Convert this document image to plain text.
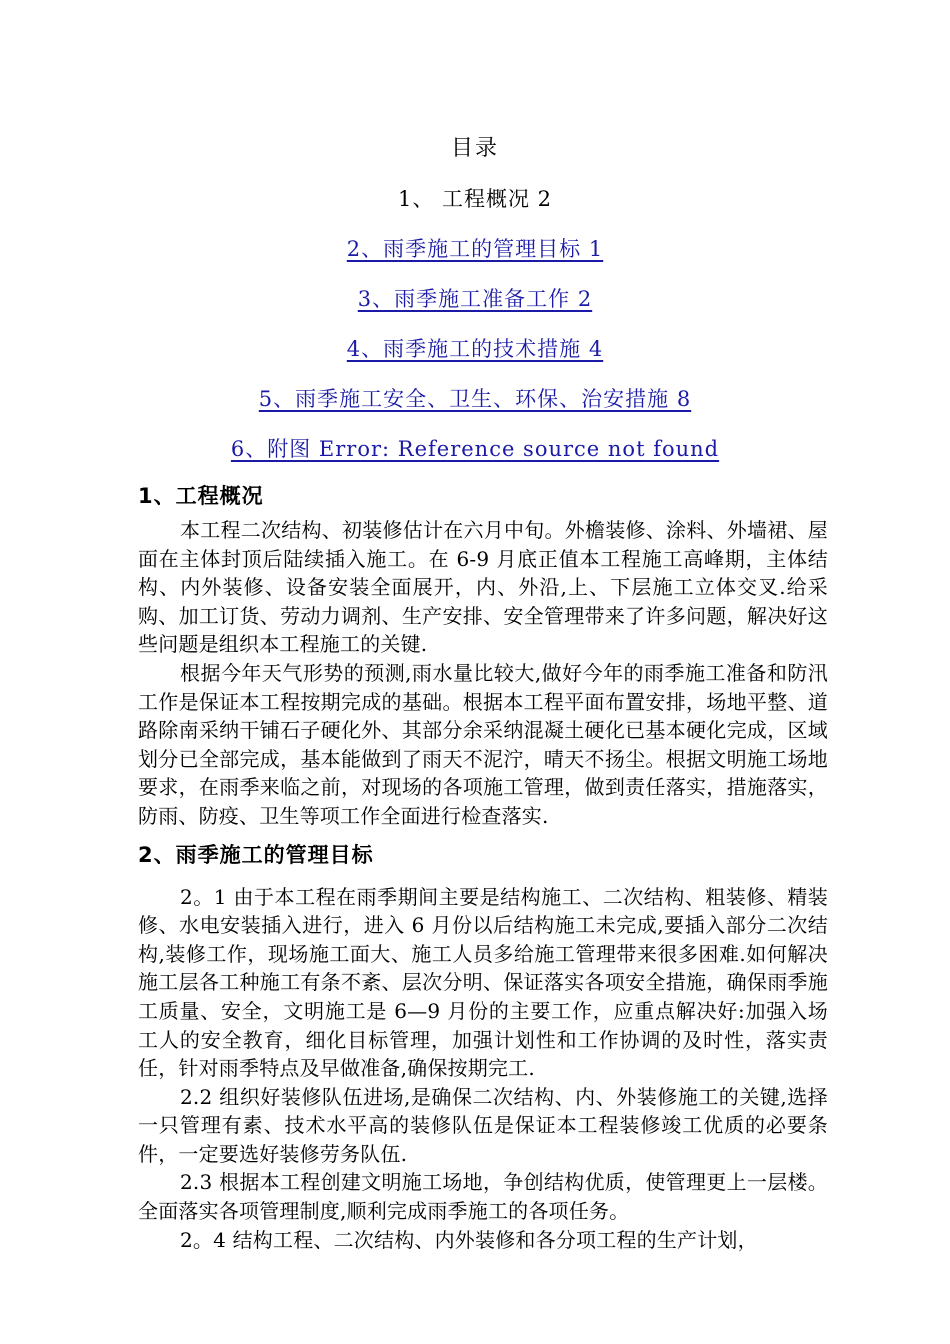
目录
1、 工程概况 2
2、雨季施工的管理目标 1
3、雨季施工准备工作 2
4、雨季施工的技术措施 4
5、雨季施工安全、卫生、环保、治安措施 8
6、附图 Error: Reference source not found
1、工程概况

本工程二次结构、初装修估计在六月中旬。外檐装修、涂料、外墙裙、屋面在主体封顶后陆续插入施工。在 6-9 月底正值本工程施工高峰期，主体结构、内外装修、设备安装全面展开，内、外沿,上、下层施工立体交叉.给采购、加工订货、劳动力调剂、生产安排、安全管理带来了许多问题，解决好这些问题是组织本工程施工的关键.

根据今年天气形势的预测,雨水量比较大,做好今年的雨季施工准备和防汛工作是保证本工程按期完成的基础。根据本工程平面布置安排，场地平整、道路除南采纳干铺石子硬化外、其部分余采纳混凝土硬化已基本硬化完成，区域划分已全部完成，基本能做到了雨天不泥泞，晴天不扬尘。根据文明施工场地要求，在雨季来临之前，对现场的各项施工管理，做到责任落实，措施落实，防雨、防疫、卫生等项工作全面进行检查落实.

2、雨季施工的管理目标

2。1 由于本工程在雨季期间主要是结构施工、二次结构、粗装修、精装修、水电安装插入进行，进入 6 月份以后结构施工未完成,要插入部分二次结构,装修工作，现场施工面大、施工人员多给施工管理带来很多困难.如何解决施工层各工种施工有条不紊、层次分明、保证落实各项安全措施，确保雨季施工质量、安全，文明施工是 6—9 月份的主要工作，应重点解决好:加强入场工人的安全教育，细化目标管理，加强计划性和工作协调的及时性，落实责任，针对雨季特点及早做准备,确保按期完工.

2.2 组织好装修队伍进场,是确保二次结构、内、外装修施工的关键,选择一只管理有素、技术水平高的装修队伍是保证本工程装修竣工优质的必要条件，一定要选好装修劳务队伍.

2.3 根据本工程创建文明施工场地，争创结构优质，使管理更上一层楼。全面落实各项管理制度,顺利完成雨季施工的各项任务。

2。4 结构工程、二次结构、内外装修和各分项工程的生产计划，
